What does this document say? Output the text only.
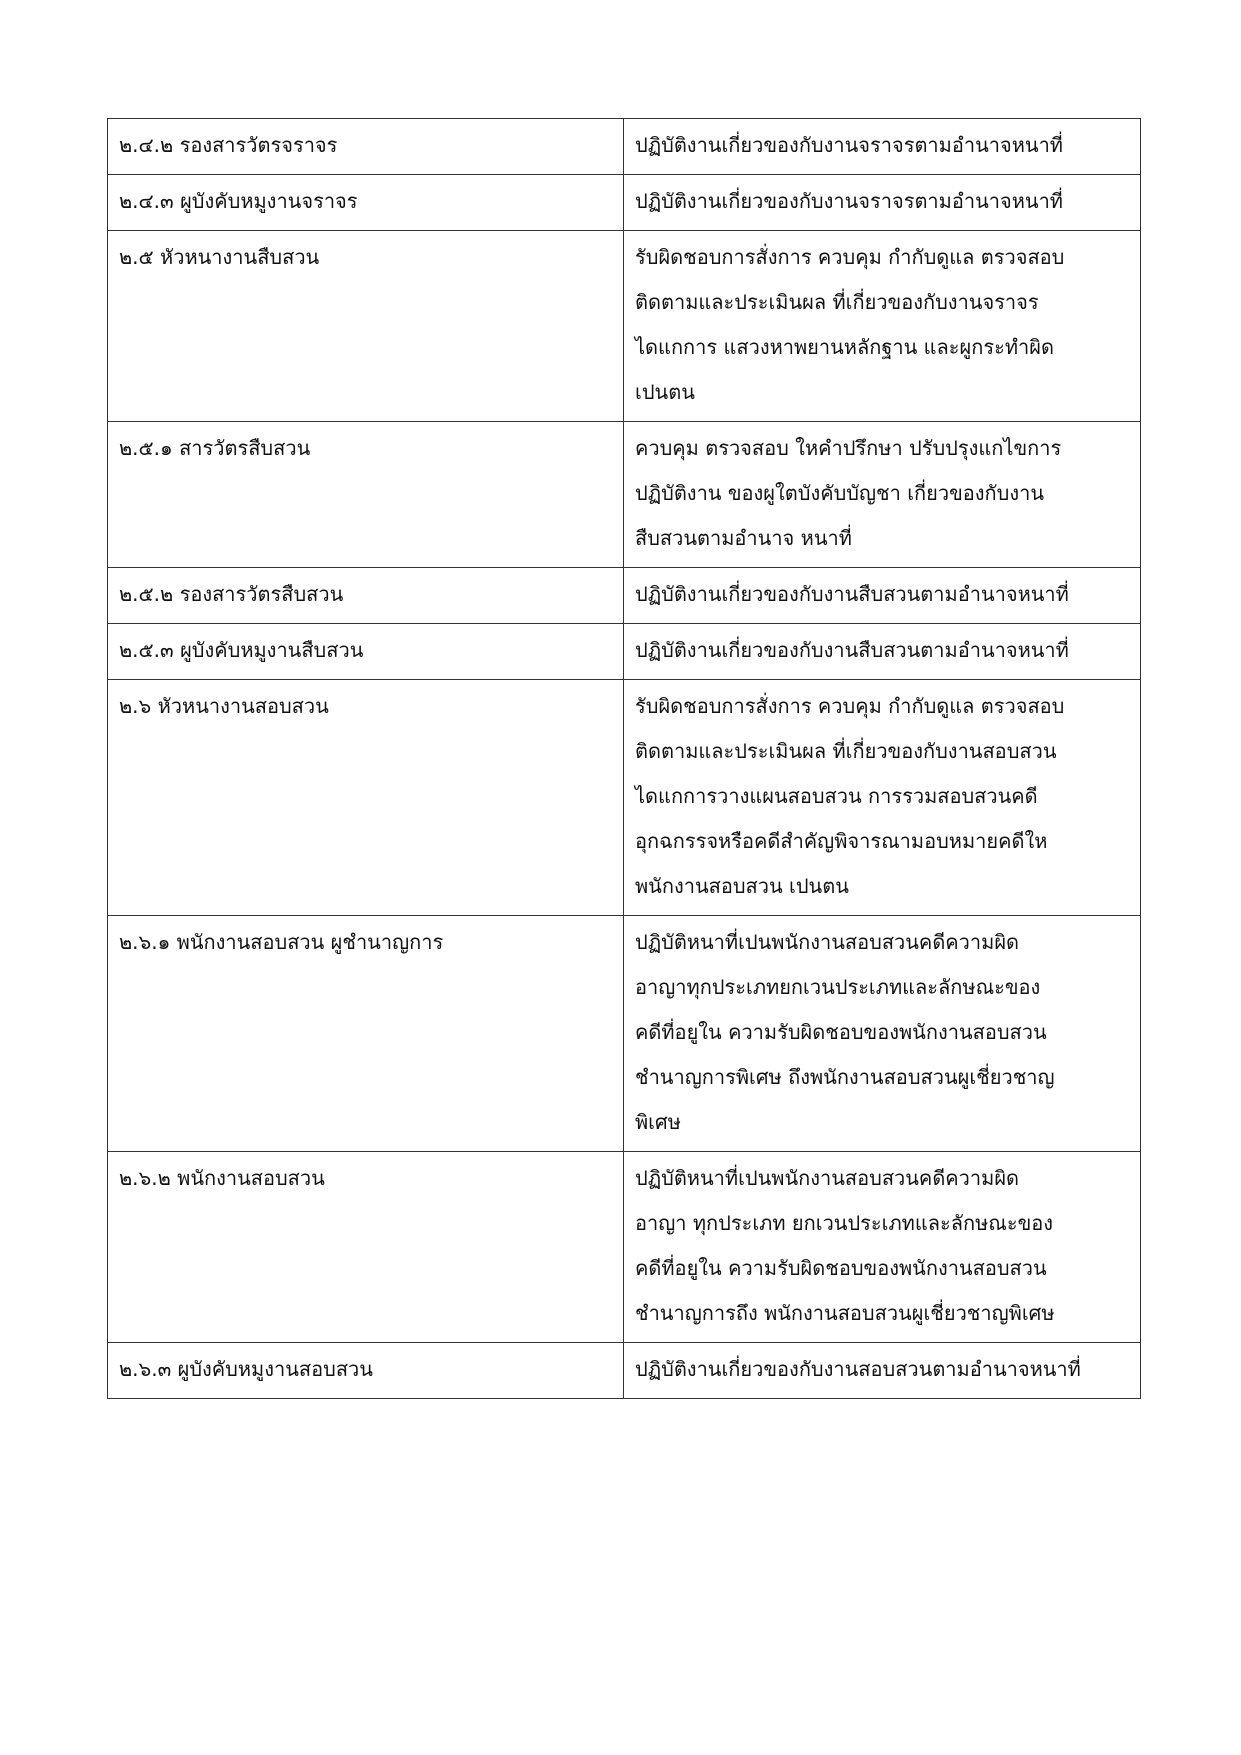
๒.๔.๒ รองสารวัตรจราจร	ปฏิบัติงานเกี่ยวของกับงานจราจรตามอำนาจหนาที่

๒.๔.๓ ผูบังคับหมูงานจราจร	ปฏิบัติงานเกี่ยวของกับงานจราจรตามอำนาจหนาที่

๒.๕ หัวหนางานสืบสวน	รับผิดชอบการสั่งการ ควบคุม กำกับดูแล ตรวจสอบ
ติดตามและประเมินผล ที่เกี่ยวของกับงานจราจร
ไดแกการ แสวงหาพยานหลักฐาน และผูกระทำผิด
เปนตน

๒.๕.๑ สารวัตรสืบสวน	ควบคุม ตรวจสอบ ใหคำปรึกษา ปรับปรุงแกไขการ
ปฏิบัติงาน ของผูใตบังคับบัญชา เกี่ยวของกับงาน
สืบสวนตามอำนาจ หนาที่

๒.๕.๒ รองสารวัตรสืบสวน	ปฏิบัติงานเกี่ยวของกับงานสืบสวนตามอำนาจหนาที่

๒.๕.๓ ผูบังคับหมูงานสืบสวน	ปฏิบัติงานเกี่ยวของกับงานสืบสวนตามอำนาจหนาที่

๒.๖ หัวหนางานสอบสวน	รับผิดชอบการสั่งการ ควบคุม กำกับดูแล ตรวจสอบ
ติดตามและประเมินผล ที่เกี่ยวของกับงานสอบสวน
ไดแกการวางแผนสอบสวน การรวมสอบสวนคดี
อุกฉกรรจหรือคดีสำคัญพิจารณามอบหมายคดีให
พนักงานสอบสวน เปนตน

๒.๖.๑ พนักงานสอบสวน ผูชำนาญการ	ปฏิบัติหนาที่เปนพนักงานสอบสวนคดีความผิด
อาญาทุกประเภทยกเวนประเภทและลักษณะของ
คดีที่อยูใน ความรับผิดชอบของพนักงานสอบสวน
ชำนาญการพิเศษ ถึงพนักงานสอบสวนผูเชี่ยวชาญ
พิเศษ

๒.๖.๒ พนักงานสอบสวน	ปฏิบัติหนาที่เปนพนักงานสอบสวนคดีความผิด
อาญา ทุกประเภท ยกเวนประเภทและลักษณะของ
คดีที่อยูใน ความรับผิดชอบของพนักงานสอบสวน
ชำนาญการถึง พนักงานสอบสวนผูเชี่ยวชาญพิเศษ

๒.๖.๓ ผูบังคับหมูงานสอบสวน	ปฏิบัติงานเกี่ยวของกับงานสอบสวนตามอำนาจหนาที่
